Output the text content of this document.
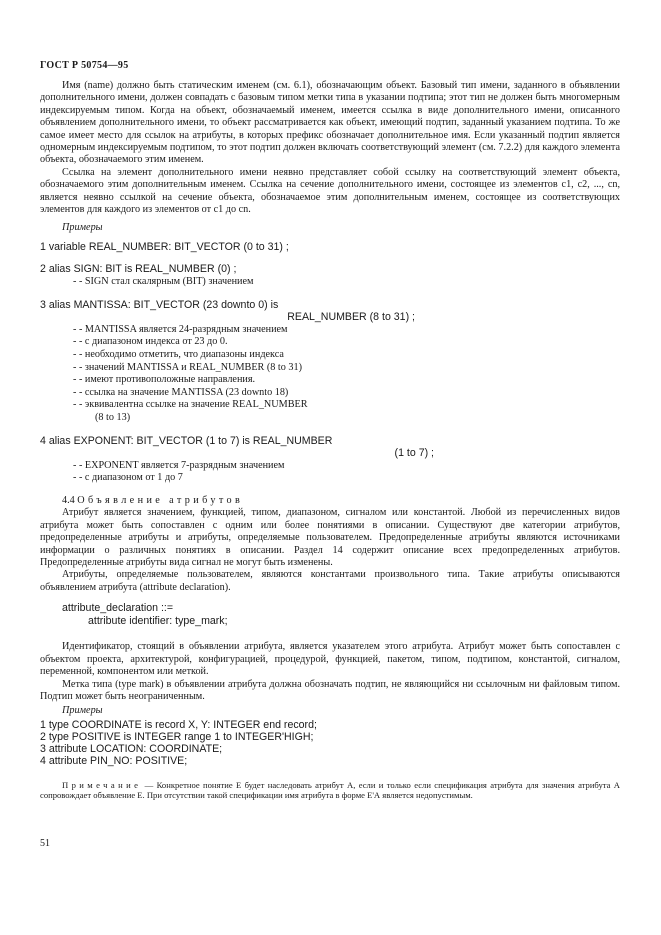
ГОСТ Р 50754—95

Имя (name) должно быть статическим именем (см. 6.1), обозначающим объект. Базовый тип имени, заданного в объявлении дополнительного имени, должен совпадать с базовым типом метки типа в указании подтипа; этот тип не должен быть многомерным индексируемым типом. Когда на объект, обозначаемый именем, имеется ссылка в виде дополнительного имени, описанного объявлением дополнительного имени, то объект рассматривается как объект, имеющий подтип, заданный указанием подтипа. То же самое имеет место для ссылок на атрибуты, в которых префикс обозначает дополнительное имя. Если указанный подтип является одномерным индексируемым подтипом, то этот подтип должен включать соответствующий элемент (см. 7.2.2) для каждого элемента объекта, обозначаемого этим именем.

Ссылка на элемент дополнительного имени неявно представляет собой ссылку на соответствующий элемент объекта, обозначаемого этим дополнительным именем. Ссылка на сечение дополнительного имени, состоящее из элементов с1, с2, ..., сn, является неявно ссылкой на сечение объекта, обозначаемое этим дополнительным именем, состоящее из соответствующих элементов для каждого из элементов от с1 до сn.

Примеры
1 variable REAL_NUMBER: BIT_VECTOR (0 to 31) ;
2 alias SIGN: BIT is REAL_NUMBER (0) ;
- - SIGN стал скалярным (BIT) значением
3 alias MANTISSA: BIT_VECTOR (23 downto 0) is
REAL_NUMBER (8 to 31) ;
- - MANTISSA является 24-разрядным значением
- - с диапазоном индекса от 23 до 0.
- - необходимо отметить, что диапазоны индекса
- - значений MANTISSA и REAL_NUMBER (8 to 31)
- - имеют противоположные направления.
- - ссылка на значение MANTISSA (23 downto 18)
- - эквивалентна ссылке на значение REAL_NUMBER
(8 to 13)
4 alias EXPONENT: BIT_VECTOR (1 to 7) is REAL_NUMBER
(1 to 7) ;
- - EXPONENT является 7-разрядным значением
- - с диапазоном от 1 до 7

4.4 Объявление атрибутов

Атрибут является значением, функцией, типом, диапазоном, сигналом или константой. Любой из перечисленных видов атрибута может быть сопоставлен с одним или более понятиями в описании. Существуют две категории атрибутов, предопределенные атрибуты и атрибуты, определяемые пользователем. Предопределенные атрибуты являются источниками информации о различных понятиях в описании. Раздел 14 содержит описание всех предопределенных атрибутов. Предопределенные атрибуты вида сигнал не могут быть изменены.

Атрибуты, определяемые пользователем, являются константами произвольного типа. Такие атрибуты описываются объявлением атрибута (attribute declaration).

attribute_declaration ::=
attribute identifier: type_mark;

Идентификатор, стоящий в объявлении атрибута, является указателем этого атрибута. Атрибут может быть сопоставлен с объектом проекта, архитектурой, конфигурацией, процедурой, функцией, пакетом, типом, подтипом, константой, сигналом, переменной, компонентом или меткой.

Метка типа (type mark) в объявлении атрибута должна обозначать подтип, не являющийся ни ссылочным ни файловым типом. Подтип может быть неограниченным.

Примеры
1 type COORDINATE is record X, Y: INTEGER end record;
2 type POSITIVE is INTEGER range 1 to INTEGER'HIGH;
3 attribute LOCATION: COORDINATE;
4 attribute PIN_NO: POSITIVE;

Примечание — Конкретное понятие Е будет наследовать атрибут А, если и только если спецификация атрибута для значения атрибута А сопровождает объявление Е. При отсутствии такой спецификации имя атрибута в форме Е'А является недопустимым.

51
